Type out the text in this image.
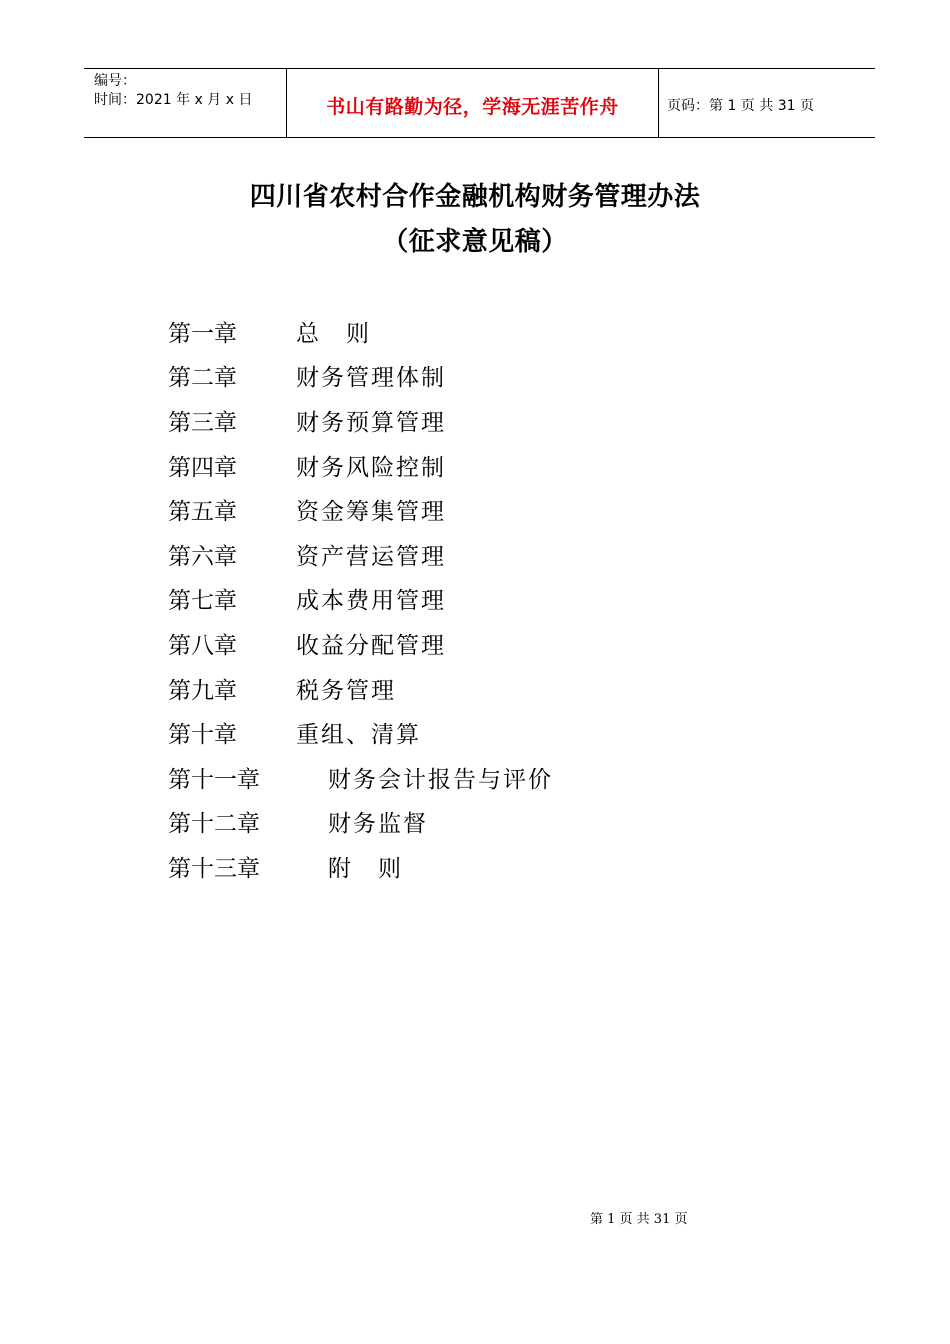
编号：
时间：2021 年 x 月 x 日	书山有路勤为径，学海无涯苦作舟	页码：第 1 页 共 31 页
四川省农村合作金融机构财务管理办法
（征求意见稿）
第一章	总　则
第二章	财务管理体制
第三章	财务预算管理
第四章	财务风险控制
第五章	资金筹集管理
第六章	资产营运管理
第七章	成本费用管理
第八章	收益分配管理
第九章	税务管理
第十章	重组、清算
第十一章	财务会计报告与评价
第十二章	财务监督
第十三章	附　则
第 1 页 共 31 页
